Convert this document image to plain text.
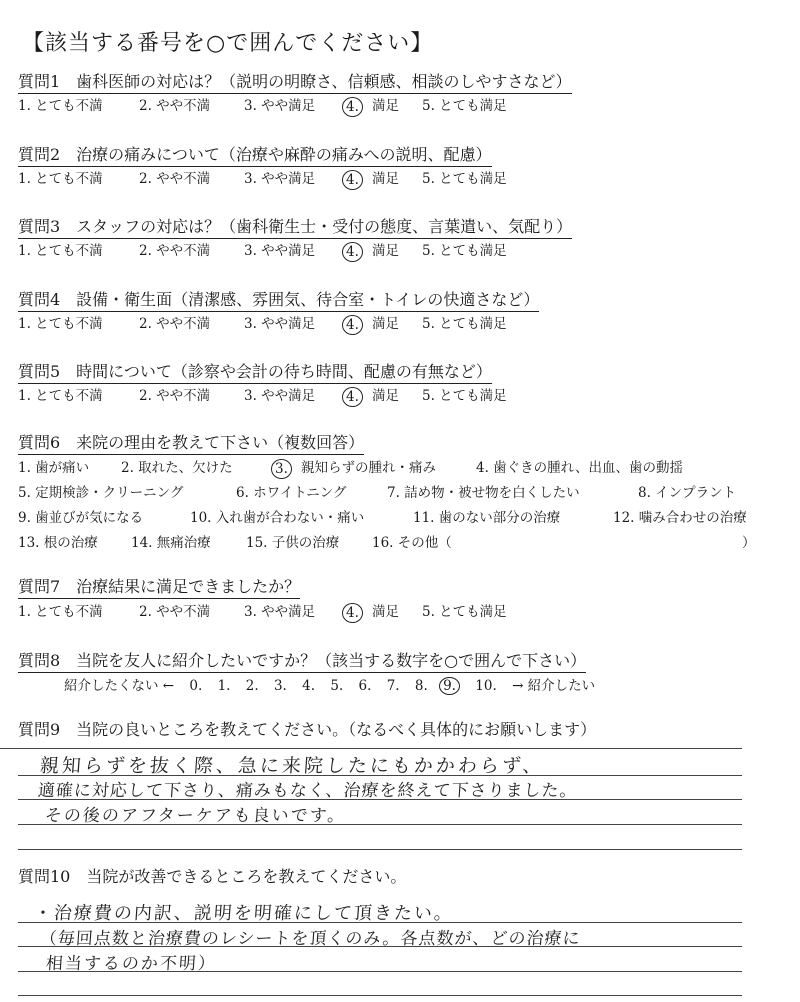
【該当する番号を○で囲んでください】
質問1　歯科医師の対応は？（説明の明瞭さ、信頼感、相談のしやすさなど）
1. とても不満	2. やや不満	3. やや満足 4. 満足 5. とても満足
質問2　治療の痛みについて（治療や麻酔の痛みへの説明、配慮）
1. とても不満	2. やや不満	3. やや満足 4. 満足 5. とても満足
質問3　スタッフの対応は？（歯科衛生士・受付の態度、言葉遣い、気配り）
1. とても不満	2. やや不満	3. やや満足 4. 満足 5. とても満足
質問4　設備・衛生面（清潔感、雰囲気、待合室・トイレの快適さなど）
1. とても不満	2. やや不満	3. やや満足 4. 満足 5. とても満足
質問5　時間について（診察や会計の待ち時間、配慮の有無など）
1. とても不満	2. やや不満	3. やや満足 4. 満足 5. とても満足
質問6　来院の理由を教えて下さい（複数回答）
1. 歯が痛い 2. 取れた、欠けた	3. 親知らずの腫れ・痛み	4. 歯ぐきの腫れ、出血、歯の動揺
5. 定期検診・クリーニング	6. ホワイトニング	7. 詰め物・被せ物を白くしたい	8. インプラント
9. 歯並びが気になる	10. 入れ歯が合わない・痛い	11. 歯のない部分の治療	12. 噛み合わせの治療
13. 根の治療 14. 無痛治療	15. 子供の治療 16. その他（	）
質問7　治療結果に満足できましたか？
1. とても不満	2. やや不満	3. やや満足 4. 満足 5. とても満足
質問8　当院を友人に紹介したいですか？（該当する数字を○で囲んで下さい）
紹介したくない ← 0. 1. 2. 3. 4. 5. 6. 7. 8. 9. 10. → 紹介したい
質問9　当院の良いところを教えてください。（なるべく具体的にお願いします）
親知らずを抜く際、急に来院したにもかかわらず、
適確に対応して下さり、痛みもなく、治療を終えて下さりました。
その後のアフターケアも良いです。
質問10　当院が改善できるところを教えてください。
・治療費の内訳、説明を明確にして頂きたい。
（毎回点数と治療費のレシートを頂くのみ。各点数が、どの治療に
相当するのか不明）
